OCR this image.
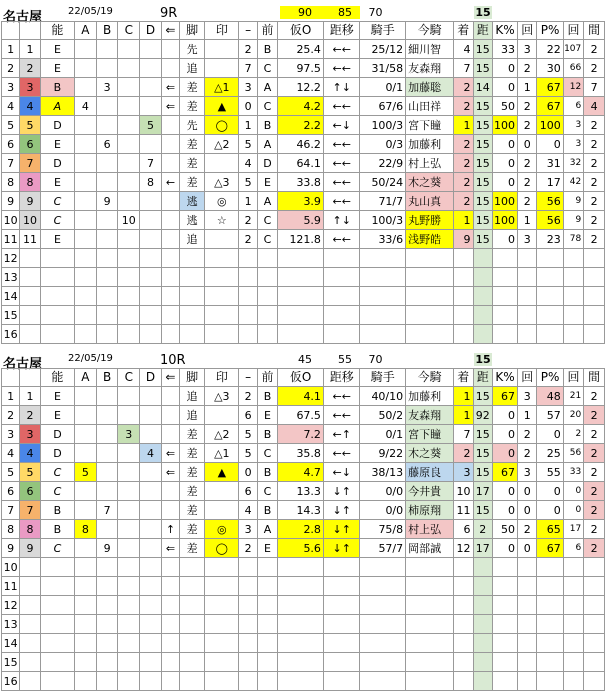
名古屋	22/05/19	9R	90	85	70	15
		能	A	B	C	D	⇐	脚	印	–	前	仮O	距移	騎手	今騎	着	距	K%	回	P%	回	間
1	1	E						先		2	B	25.4	←←	25/12	細川智	4	15	33	3	22	107	2
2	2	E						追		7	C	97.5	←←	31/58	友森翔	7	15	0	2	30	66	2
3	3	B		3			⇐	差	△1	3	A	12.2	↑↓	0/1	加藤聡	2	14	0	1	67	12	7
4	4	A	4				⇐	差	▲	0	C	4.2	←←	67/6	山田祥	2	15	50	2	67	6	4
5	5	D				5		先	◯	1	B	2.2	←↓	100/3	宮下瞳	1	15	100	2	100	3	2
6	6	E		6				差	△2	5	A	46.2	←←	0/3	加藤利	2	15	0	0	0	3	2
7	7	D				7		差		4	D	64.1	←←	22/9	村上弘	2	15	0	2	31	32	2
8	8	E				8	←	差	△3	5	E	33.8	←←	50/24	木之葵	2	15	0	2	17	42	2
9	9	C		9				逃	◎	1	A	3.9	←←	71/7	丸山真	2	15	100	2	56	9	2
10	10	C			10			逃	☆	2	C	5.9	↑↓	100/3	丸野勝	1	15	100	1	56	9	2
11	11	E						追		2	C	121.8	←←	33/6	浅野皓	9	15	0	3	23	78	2
12																						
13																						
14																						
15																						
16																						
名古屋	22/05/19	10R	45	55	70	15
		能	A	B	C	D	⇐	脚	印	–	前	仮O	距移	騎手	今騎	着	距	K%	回	P%	回	間
1	1	E						追	△3	2	B	4.1	←←	40/10	加藤利	1	15	67	3	48	21	2
2	2	E						追		6	E	67.5	←←	50/2	友森翔	1	92	0	1	57	20	2
3	3	D			3			差	△2	5	B	7.2	←↑	0/1	宮下瞳	7	15	0	2	0	2	2
4	4	D				4	⇐	差	△1	5	C	35.8	←←	9/22	木之葵	2	15	0	2	25	56	2
5	5	C	5				⇐	差	▲	0	B	4.7	←↓	38/13	藤原良	3	15	67	3	55	33	2
6	6	C						差		6	C	13.3	↓↑	0/0	今井貴	10	17	0	0	0	0	2
7	7	B		7				差		4	B	14.3	↓↑	0/0	柿原翔	11	15	0	0	0	0	2
8	8	B	8				↑	差	◎	3	A	2.8	↓↑	75/8	村上弘	6	2	50	2	65	17	2
9	9	C		9			⇐	差	◯	2	E	5.6	↓↑	57/7	岡部誠	12	17	0	0	67	6	2
10																						
11																						
12																						
13																						
14																						
15																						
16																						
